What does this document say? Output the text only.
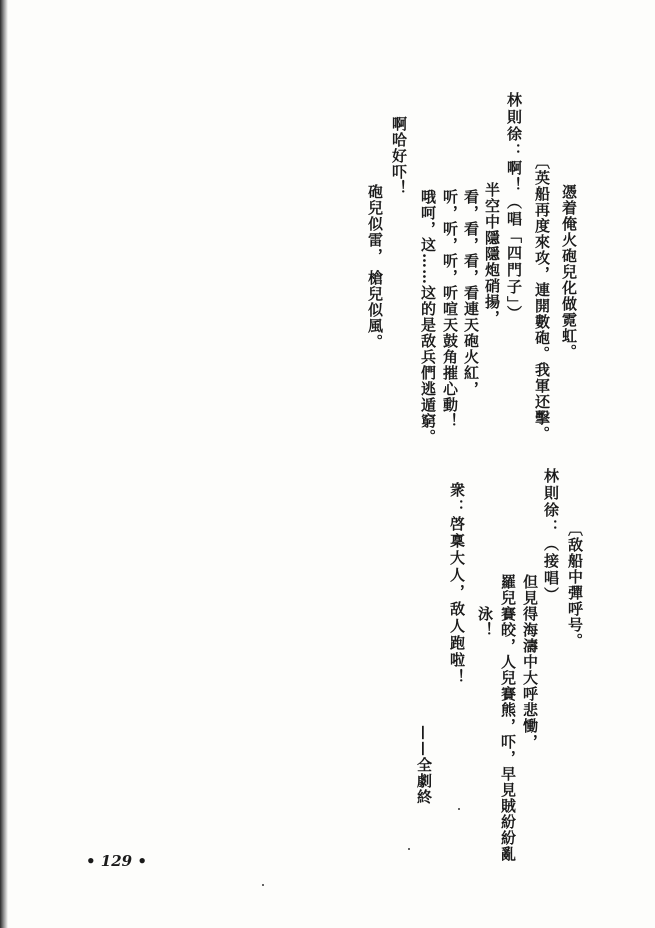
憑着俺火砲兒化做霓虹。
〔英船再度來攻，連開數砲。我軍还擊。
林則徐：啊！（唱「四門子」）
半空中隱隱炮硝揚，
看，看，看，看連天砲火紅，
听，听，听，听喧天鼓角摧心動！
哦呵，这……这的是敌兵們逃遁窮。
砲兒似雷，
槍兒似風。
啊哈好吓！
〔敌船中彈呼号。
林則徐：（接唱）
但見得海濤中大呼悲慟，
羅兒賽皎，人兒賽熊，吓，早見賊紛紛亂
泳！
衆：啓稟大人，敌人跑啦！
——全劇終
• 129 •
